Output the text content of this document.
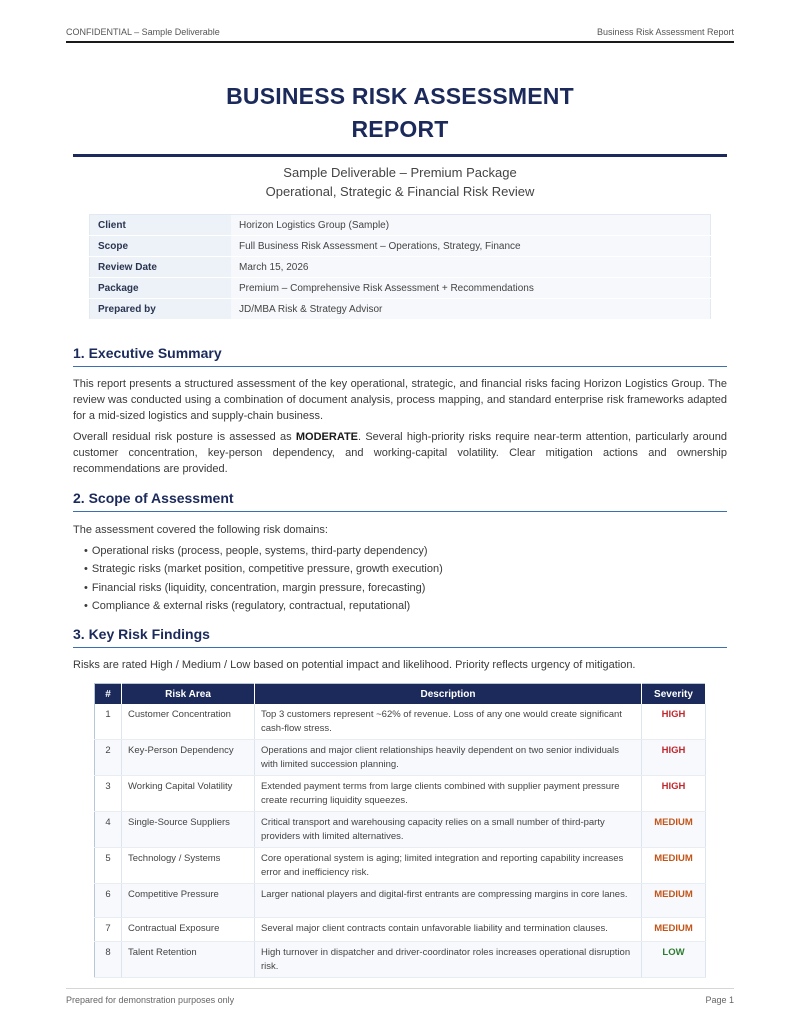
CONFIDENTIAL – Sample Deliverable	Business Risk Assessment Report
BUSINESS RISK ASSESSMENT
REPORT
Sample Deliverable – Premium Package
Operational, Strategic & Financial Risk Review
Client	Horizon Logistics Group (Sample)
Scope	Full Business Risk Assessment – Operations, Strategy, Finance
Review Date	March 15, 2026
Package	Premium – Comprehensive Risk Assessment + Recommendations
Prepared by	JD/MBA Risk & Strategy Advisor
1. Executive Summary

This report presents a structured assessment of the key operational, strategic, and financial risks facing Horizon Logistics Group. The review was conducted using a combination of document analysis, process mapping, and standard enterprise risk frameworks adapted for a mid-sized logistics and supply-chain business.

Overall residual risk posture is assessed as MODERATE. Several high-priority risks require near-term attention, particularly around customer concentration, key-person dependency, and working-capital volatility. Clear mitigation actions and ownership recommendations are provided.

2. Scope of Assessment

The assessment covered the following risk domains:

• Operational risks (process, people, systems, third-party dependency)
• Strategic risks (market position, competitive pressure, growth execution)
• Financial risks (liquidity, concentration, margin pressure, forecasting)
• Compliance & external risks (regulatory, contractual, reputational)
3. Key Risk Findings

Risks are rated High / Medium / Low based on potential impact and likelihood. Priority reflects urgency of mitigation.

#	Risk Area	Description	Severity
1	Customer Concentration	Top 3 customers represent ~62% of revenue. Loss of any one would create significant cash-flow stress.	HIGH
2	Key-Person Dependency	Operations and major client relationships heavily dependent on two senior individuals with limited succession planning.	HIGH
3	Working Capital Volatility	Extended payment terms from large clients combined with supplier payment pressure create recurring liquidity squeezes.	HIGH
4	Single-Source Suppliers	Critical transport and warehousing capacity relies on a small number of third-party providers with limited alternatives.	MEDIUM
5	Technology / Systems	Core operational system is aging; limited integration and reporting capability increases error and inefficiency risk.	MEDIUM
6	Competitive Pressure	Larger national players and digital-first entrants are compressing margins in core lanes.	MEDIUM
7	Contractual Exposure	Several major client contracts contain unfavorable liability and termination clauses.	MEDIUM
8	Talent Retention	High turnover in dispatcher and driver-coordinator roles increases operational disruption risk.	LOW
Prepared for demonstration purposes only	Page 1
